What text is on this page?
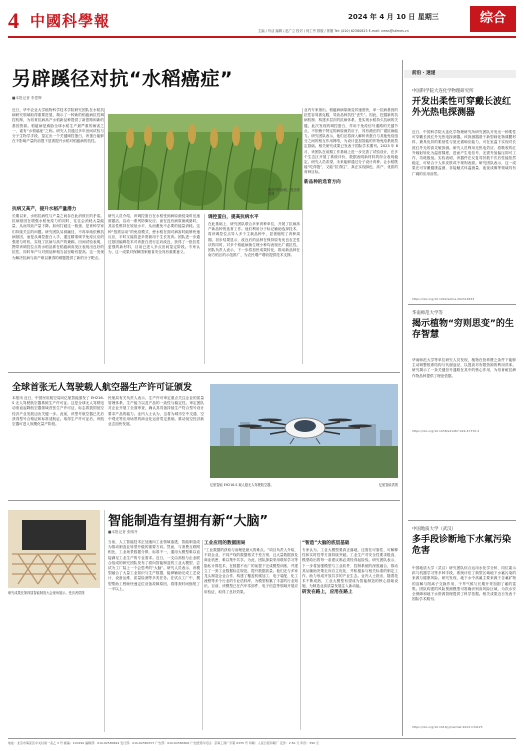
4 中國科學報	2024 年 4 月 10 日 星期三
主编 / 肖洁 编辑 / 赵广立 校对 / 何工劳 排版 / 郭刚 Tel: (010) 62580615 E-mail: news@stimes.cn
综合
另辟蹊径对抗“水稻癌症”
■本报记者 李思辉
近日，华中农业大学植物科学技术学院研究团队在水稻抗病研究领域取得重要进展，揭示了一种新的稻瘟病抗性调控机制，为培育抗病高产水稻新品种提供了新思路和新的基因资源。稻瘟病是威胁全球水稻生产最严重的病害之一，素有“水稻癌症”之称。研究人员通过多年田间试验与分子生物学手段，鉴定出一个关键调控蛋白，该蛋白能够在不影响产量的前提下显著提升水稻对稻瘟病的抗性。
抗病又高产，提升水稻产量潜力
长期以来，水稻抗病性与产量之间存在此消彼长的矛盾。抗病基因在增强水稻免疫力的同时，往往会消耗大量能量，从而导致产量下降。如何打破这一瓶颈，是育种学家们持续关注的问题。研究团队另辟蹊径，不再单纯依赖抗病基因，而是从调控蛋白入手，通过精准调节免疫反应的强度与时机，实现了抗病与高产的兼顾。田间试验表明，携带该调控位点的水稻品系在稻瘟病高发区表现出良好的抗性，同时单产与对照品种相当甚至略有提高。这一发现为解决抗病与高产难以兼得的难题提供了新的分子靶点。
研究人员介绍，该调控蛋白在水稻受到病原菌侵染时迅速被激活，启动一系列防御反应；而在没有病原菌威胁时，其活性维持在较低水平，从而避免不必要的能量消耗。这种“按需启动”的免疫模式，使水稻在面对病害时能够快速反应，平时又能将更多资源用于生长发育。团队进一步通过基因编辑技术对该蛋白进行定向改良，获得了一批抗性更强的新材料，目前已进入多点田间鉴定阶段。专家认为，这一成果对保障国家粮食安全具有重要意义。
调控蛋白，提高抗病水平
在此基础上，研究团队联合多家育种单位，开展了抗病高产新品种的选育工作。他们利用分子标记辅助选择技术，将该调控位点导入多个主栽品种中，显著缩短了育种周期。初步结果显示，改良后的品种在保持原有优良农艺性状的同时，对多个稻瘟病菌生理小种均表现出广谱抗性。团队负责人表示，下一步将加快成果转化，推动新品种在南方稻区的示范推广，为农民增产增收提供技术支撑。
业内专家指出，稻瘟病病原菌变异速度快，单一抗病基因的抗性容易被克服，导致品种抗性“丧失”。因此，挖掘新的抗病机制、构建多层次的抗病体系，是实现水稻持久抗病的关键。此次发现的调控蛋白，作用于免疫信号通路的关键节点，不依赖于特定的病原菌效应子，具有潜在的广谱抗病能力。研究团队表示，他们还将深入解析该蛋白与其他免疫组分之间的相互作用网络，为设计更加智能的作物免疫系统奠定基础。相关研究成果已发表于国际学术期刊。2023 年 8 月，该团队在前期工作基础上进一步完善了试验设计，在多个生态区开展了系统评价，数据表明新材料的综合表现稳定。研究人员希望，未来能够通过分子设计育种，让水稻既能“吃得饱”，又能“抗得住”，真正实现绿色、高产、优质的育种目标。
新品种的选育方向
稻田中的水稻。受访者供图
全球首张无人驾驶载人航空器生产许可证颁发
本报讯 近日，中国民用航空局向亿航智能颁发了 EH216-S 无人驾驶航空器系统生产许可证。这是全球无人驾驶电动垂直起降航空器领域首张生产许可证，标志着我国低空经济产业发展迈出关键一步。此前，该型号航空器已先后获得型号合格证和标准适航证。取得生产许可证后，该航空器可进入规模化量产阶段。
民航局有关负责人表示，生产许可审定重点关注企业的质量管理体系、生产能力以及产品的一致性与稳定性。审定团队对企业开展了全面审查，确认其具备持续生产符合型号设计要求产品的能力。业内人士认为，这将为城市空中交通、空中观光等应用场景的商业化运营奠定基础，推动低空经济新业态加快发展。
亿航智能 EH216-S 载人级无人驾驶航空器。	亿航智能供图
研究成果在第四届智能制造大会现场展示。受访者供图
智能制造有望拥有新“大脑”
■本报记者 张晴丹
当前，人工智能技术正加速向工业领域渗透，智能制造成为推动制造业转型升级的重要方向。然而，与消费互联网相比，工业场景数据分散、标准不一，通用大模型难以直接满足工业生产的专业需求。近日，一支由高校与企业联合组成的研究团队发布了面向智能制造的工业大模型，尝试为工厂装上一个会思考的“大脑”。研究人员表示，该模型融合了大量工业知识与生产数据，能够辅助完成工艺设计、设备运维、质量检测等多类任务。在试点工厂中，模型帮助工程师快速定位设备故障原因，将排查时间缩短了一半以上。
工业应用的数据困局
“工业数据的获取与治理是最大的难点。”项目负责人介绍，不同企业、不同产线的数据格式千差万别，且大量数据涉及商业机密，难以集中共享。为此，团队探索采用联邦学习等隐私计算技术，在数据不出厂的前提下完成模型训练，并建立了一套工业数据标注规范，提升数据质量。他们还与多家龙头制造企业合作，构建了覆盖机械加工、电子装配、化工流程等多个行业的专业语料库，为模型积累了丰富的行业知识。目前，该模型已在汽车零部件、电子信息等领域开展应用验证，取得了良好效果。
“智造”大脑的底层基础
专家认为，工业大模型要真正落地，还需在可靠性、可解释性和实时性等方面持续突破。工业生产对安全性要求极高，模型给出的每一条建议都必须经得起检验。研究团队表示，下一步将加强模型与工业软件、控制系统的深度融合，推动其从辅助决策走向自主优化，并积极参与相关标准的制定工作，助力形成开放共享的产业生态。业内人士指出，随着技术不断成熟，工业大模型有望成为智能制造的核心基础设施，为制造业高质量发展注入新动能。
研发在路上，应用在路上
前沿 · 速递
中国科学院大连化学物理研究所
开发出柔性可穿戴长波红外光热电探测器
近日，中国科学院大连化学物理研究所研究团队开发出一种柔性可穿戴长波红外光热电探测器。该探测器基于新型碲化物薄膜材料，兼具优异的柔韧性与宽光谱响应能力，可在室温下实现对长波红外光的高灵敏探测。研究人员利用光热电效应，将吸收的红外辐射转化为温度梯度，进而产生电信号，无需外加偏压即可工作，功耗极低。实验表明，该器件在反复弯折数千次后性能依然稳定，可贴合于人体皮肤或不规则表面。研究团队表示，这一成果在可穿戴健康监测、非接触式体温测量、夜视成像等领域具有广阔的应用前景。
https://doi.org/10.1002/adma.202314653
华南师范大学等
揭示植物“穷则思变”的生存智慧
华南师范大学等单位研究人员发现，植物在营养匮乏条件下能够主动调整根系结构与代谢途径，以提高对有限资源的利用效率。研究揭示了一条关键信号通路在其中的核心作用，为培育耐贫瘠作物品种提供了理论依据。
https://doi.org/10.1038/s41467-024-47370-4
中国地质大学（武汉）
多手段诊断地下水氟污染危害
中国地质大学（武汉）研究团队综合运用水化学分析、同位素示踪与机器学习等多种手段，系统评估了典型区域地下水氟污染的来源与健康风险。研究发现，地下水中高氟主要来源于含氟矿物的溶解与阳离子交换作用，干旱气候与长期开采加剧了氟的富集。团队构建的风险预测模型可准确识别高风险区域，为饮水安全保障和地下水资源管理提供了科学依据。相关成果近日发表于国际学术期刊。
https://doi.org/10.1016/j.jhazmat.2024.134125
地址：北京市海淀区中关村南一条乙 3 号 邮编：100190 编辑部：010-62580699 发行部：010-62580707 广告部：010-62580600 广告经营许可证：京海工商广字第 0335 号 印刷：人民日报印刷厂 定价：2.50 元 年价：390 元
